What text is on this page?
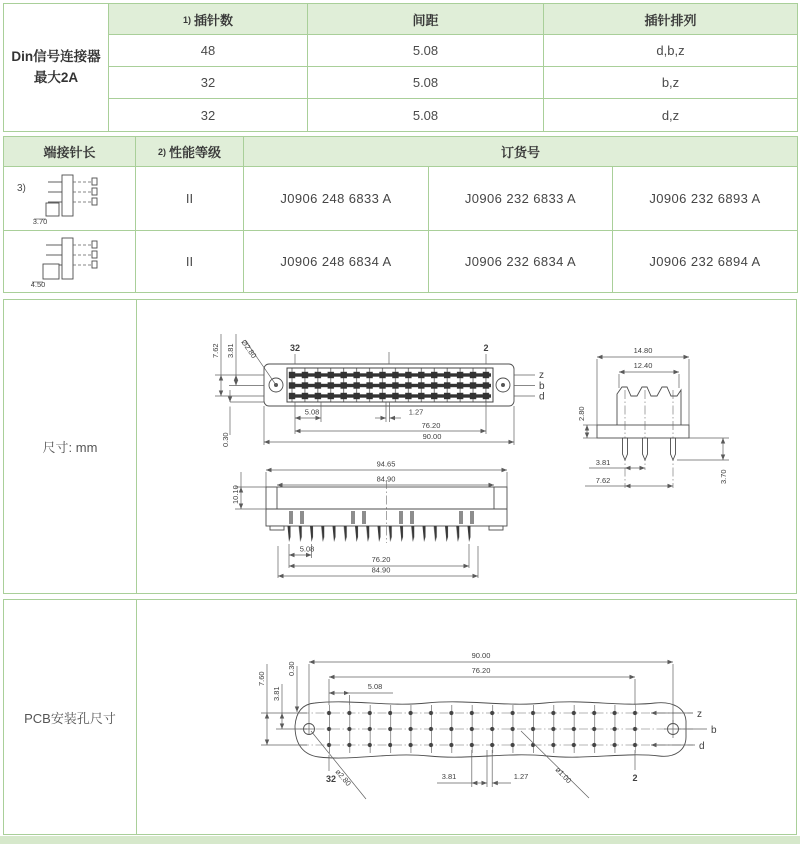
Din信号连接器
最大2A	$^{1)}$ 插针数	间距	插针排列
	48	5.08	d,b,z
	32	5.08	b,z
	32	5.08	d,z
端接针长	$^{2)}$ 性能等级	订货号		

3)
3.70	II	J0906 248 6833 A	J0906 232 6833 A	J0906 232 6893 A

4.50	II	J0906 248 6834 A	J0906 232 6834 A	J0906 232 6894 A
尺寸: mm
32	2
z
b
d
7.62 3.81 Ø2.80
0.30
5.08	1.27
76.20
90.00
14.80
12.40
2.80
3.81
7.62	3.70
94.65
84.90
10.10
5.08
76.20
84.90
PCB安装孔尺寸	z
b
d
90.00
76.20
5.08
7.60
3.81
0.30
3.81	1.27
ø2.80	ø1.00
32	2
